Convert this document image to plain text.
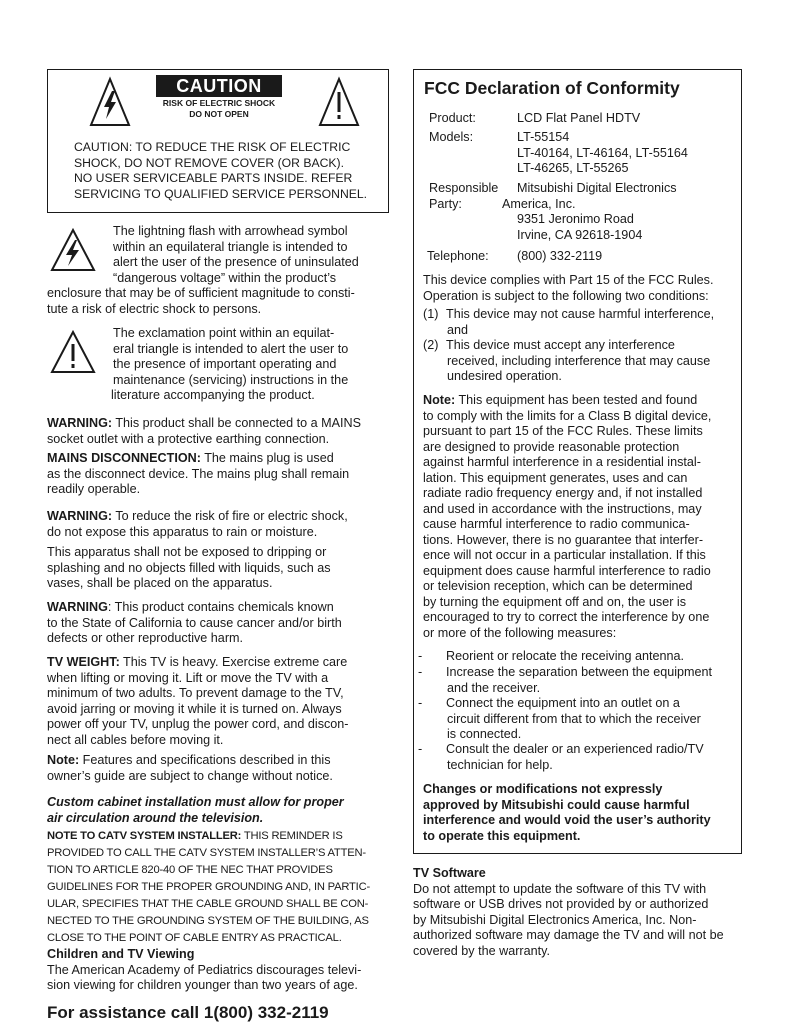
CAUTION
RISK OF ELECTRIC SHOCK
DO NOT OPEN
CAUTION: TO REDUCE THE RISK OF ELECTRIC
SHOCK, DO NOT REMOVE COVER (OR BACK).
NO USER SERVICEABLE PARTS INSIDE. REFER
SERVICING TO QUALIFIED SERVICE PERSONNEL.
The lightning flash with arrowhead symbol
within an equilateral triangle is intended to
alert the user of the presence of uninsulated
“dangerous voltage” within the product’s
enclosure that may be of sufficient magnitude to consti-
tute a risk of electric shock to persons.
The exclamation point within an equilat-
eral triangle is intended to alert the user to
the presence of important operating and
maintenance (servicing) instructions in the
literature accompanying the product.
WARNING: This product shall be connected to a MAINS
socket outlet with a protective earthing connection.
MAINS DISCONNECTION: The mains plug is used
as the disconnect device. The mains plug shall remain
readily operable.
WARNING: To reduce the risk of fire or electric shock,
do not expose this apparatus to rain or moisture.
This apparatus shall not be exposed to dripping or
splashing and no objects filled with liquids, such as
vases, shall be placed on the apparatus.
WARNING: This product contains chemicals known
to the State of California to cause cancer and/or birth
defects or other reproductive harm.
TV WEIGHT: This TV is heavy. Exercise extreme care
when lifting or moving it. Lift or move the TV with a
minimum of two adults. To prevent damage to the TV,
avoid jarring or moving it while it is turned on. Always
power off your TV, unplug the power cord, and discon-
nect all cables before moving it.
Note: Features and specifications described in this
owner’s guide are subject to change without notice.
Custom cabinet installation must allow for proper
air circulation around the television.
NOTE TO CATV SYSTEM INSTALLER: THIS REMINDER IS
PROVIDED TO CALL THE CATV SYSTEM INSTALLER’S ATTEN-
TION TO ARTICLE 820-40 OF THE NEC THAT PROVIDES
GUIDELINES FOR THE PROPER GROUNDING AND, IN PARTIC-
ULAR, SPECIFIES THAT THE CABLE GROUND SHALL BE CON-
NECTED TO THE GROUNDING SYSTEM OF THE BUILDING, AS
CLOSE TO THE POINT OF CABLE ENTRY AS PRACTICAL.
Children and TV Viewing
The American Academy of Pediatrics discourages televi-
sion viewing for children younger than two years of age.
For assistance call 1(800) 332-2119
FCC Declaration of Conformity
Product:	LCD Flat Panel HDTV
Models:	LT-55154
LT-40164, LT-46164, LT-55164
LT-46265, LT-55265
Responsible
Party:
Mitsubishi Digital Electronics
America, Inc.
9351 Jeronimo Road
Irvine, CA 92618-1904
Telephone: (800) 332-2119
This device complies with Part 15 of the FCC Rules.
Operation is subject to the following two conditions:
(1) This device may not cause harmful interference,
and
(2) This device must accept any interference
received, including interference that may cause
undesired operation.
Note: This equipment has been tested and found
to comply with the limits for a Class B digital device,
pursuant to part 15 of the FCC Rules. These limits
are designed to provide reasonable protection
against harmful interference in a residential instal-
lation. This equipment generates, uses and can
radiate radio frequency energy and, if not installed
and used in accordance with the instructions, may
cause harmful interference to radio communica-
tions. However, there is no guarantee that interfer-
ence will not occur in a particular installation. If this
equipment does cause harmful interference to radio
or television reception, which can be determined
by turning the equipment off and on, the user is
encouraged to try to correct the interference by one
or more of the following measures:
- Reorient or relocate the receiving antenna.
- Increase the separation between the equipment
and the receiver.
- Connect the equipment into an outlet on a
circuit different from that to which the receiver
is connected.
- Consult the dealer or an experienced radio/TV
technician for help.
Changes or modifications not expressly
approved by Mitsubishi could cause harmful
interference and would void the user’s authority
to operate this equipment.
TV Software
Do not attempt to update the software of this TV with
software or USB drives not provided by or authorized
by Mitsubishi Digital Electronics America, Inc. Non-
authorized software may damage the TV and will not be
covered by the warranty.
